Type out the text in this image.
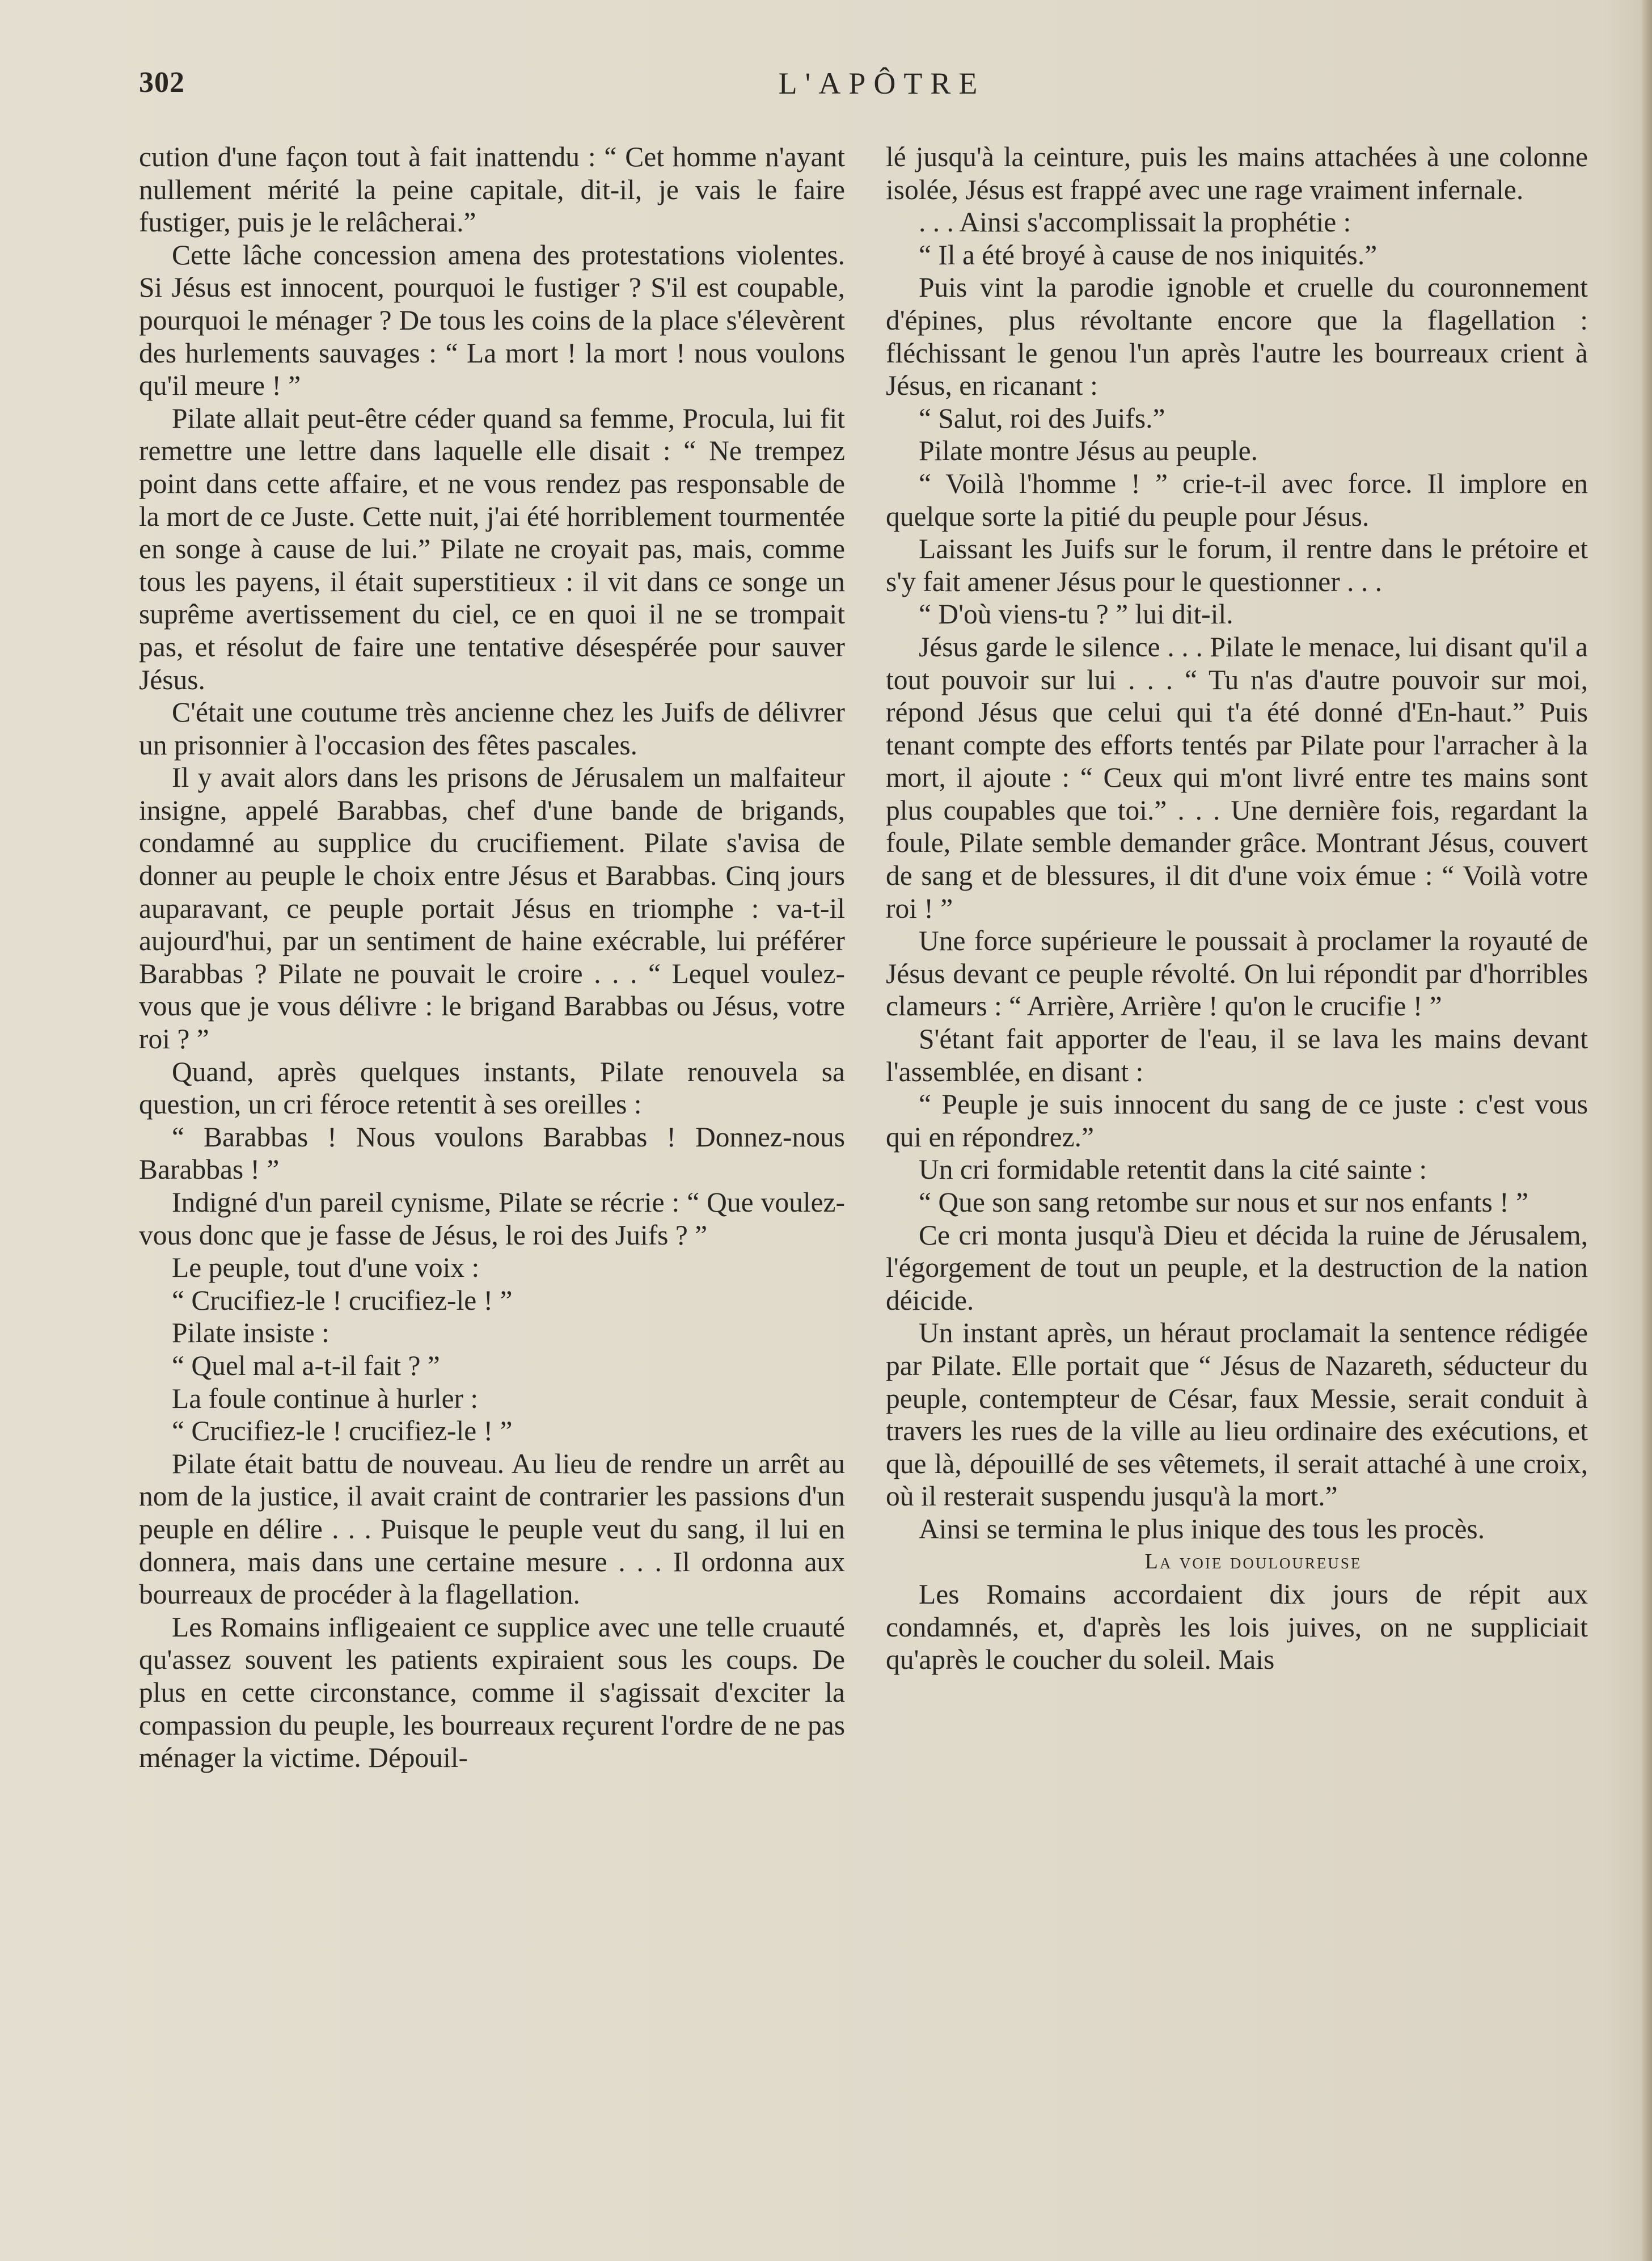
302	L'APÔTRE

cution d'une façon tout à fait inattendu : “ Cet homme n'ayant nullement mérité la peine capitale, dit-il, je vais le faire fustiger, puis je le relâcherai.”

Cette lâche concession amena des protestations violentes. Si Jésus est innocent, pourquoi le fustiger ? S'il est coupable, pourquoi le ménager ? De tous les coins de la place s'élevèrent des hurlements sauvages : “ La mort ! la mort ! nous voulons qu'il meure ! ”

Pilate allait peut-être céder quand sa femme, Procula, lui fit remettre une lettre dans laquelle elle disait : “ Ne trempez point dans cette affaire, et ne vous rendez pas responsable de la mort de ce Juste. Cette nuit, j'ai été horriblement tourmentée en songe à cause de lui.” Pilate ne croyait pas, mais, comme tous les payens, il était superstitieux : il vit dans ce songe un suprême avertissement du ciel, ce en quoi il ne se trompait pas, et résolut de faire une tentative désespérée pour sauver Jésus.

C'était une coutume très ancienne chez les Juifs de délivrer un prisonnier à l'occasion des fêtes pascales.

Il y avait alors dans les prisons de Jérusalem un malfaiteur insigne, appelé Barabbas, chef d'une bande de brigands, condamné au supplice du crucifiement. Pilate s'avisa de donner au peuple le choix entre Jésus et Barabbas. Cinq jours auparavant, ce peuple portait Jésus en triomphe : va-t-il aujourd'hui, par un sentiment de haine exécrable, lui préférer Barabbas ? Pilate ne pouvait le croire . . . “ Lequel voulez-vous que je vous délivre : le brigand Barabbas ou Jésus, votre roi ? ”

Quand, après quelques instants, Pilate renouvela sa question, un cri féroce retentit à ses oreilles :

“ Barabbas ! Nous voulons Barabbas ! Donnez-nous Barabbas ! ”

Indigné d'un pareil cynisme, Pilate se récrie : “ Que voulez-vous donc que je fasse de Jésus, le roi des Juifs ? ”

Le peuple, tout d'une voix :

“ Crucifiez-le ! crucifiez-le ! ”

Pilate insiste :

“ Quel mal a-t-il fait ? ”

La foule continue à hurler :

“ Crucifiez-le ! crucifiez-le ! ”

Pilate était battu de nouveau. Au lieu de rendre un arrêt au nom de la justice, il avait craint de contrarier les passions d'un peuple en délire . . . Puisque le peuple veut du sang, il lui en donnera, mais dans une certaine mesure . . . Il ordonna aux bourreaux de procéder à la flagellation.

Les Romains infligeaient ce supplice avec une telle cruauté qu'assez souvent les patients expiraient sous les coups. De plus en cette circonstance, comme il s'agissait d'exciter la compassion du peuple, les bourreaux reçurent l'ordre de ne pas ménager la victime. Dépouil-

lé jusqu'à la ceinture, puis les mains attachées à une colonne isolée, Jésus est frappé avec une rage vraiment infernale.

. . . Ainsi s'accomplissait la prophétie :

“ Il a été broyé à cause de nos iniquités.”

Puis vint la parodie ignoble et cruelle du couronnement d'épines, plus révoltante encore que la flagellation : fléchissant le genou l'un après l'autre les bourreaux crient à Jésus, en ricanant :

“ Salut, roi des Juifs.”

Pilate montre Jésus au peuple.

“ Voilà l'homme ! ” crie-t-il avec force. Il implore en quelque sorte la pitié du peuple pour Jésus.

Laissant les Juifs sur le forum, il rentre dans le prétoire et s'y fait amener Jésus pour le questionner . . .

“ D'où viens-tu ? ” lui dit-il.

Jésus garde le silence . . . Pilate le menace, lui disant qu'il a tout pouvoir sur lui . . . “ Tu n'as d'autre pouvoir sur moi, répond Jésus que celui qui t'a été donné d'En-haut.” Puis tenant compte des efforts tentés par Pilate pour l'arracher à la mort, il ajoute : “ Ceux qui m'ont livré entre tes mains sont plus coupables que toi.” . . . Une dernière fois, regardant la foule, Pilate semble demander grâce. Montrant Jésus, couvert de sang et de blessures, il dit d'une voix émue : “ Voilà votre roi ! ”

Une force supérieure le poussait à proclamer la royauté de Jésus devant ce peuple révolté. On lui répondit par d'horribles clameurs : “ Arrière, Arrière ! qu'on le crucifie ! ”

S'étant fait apporter de l'eau, il se lava les mains devant l'assemblée, en disant :

“ Peuple je suis innocent du sang de ce juste : c'est vous qui en répondrez.”

Un cri formidable retentit dans la cité sainte :

“ Que son sang retombe sur nous et sur nos enfants ! ”

Ce cri monta jusqu'à Dieu et décida la ruine de Jérusalem, l'égorgement de tout un peuple, et la destruction de la nation déicide.

Un instant après, un héraut proclamait la sentence rédigée par Pilate. Elle portait que “ Jésus de Nazareth, séducteur du peuple, contempteur de César, faux Messie, serait conduit à travers les rues de la ville au lieu ordinaire des exécutions, et que là, dépouillé de ses vêtemets, il serait attaché à une croix, où il resterait suspendu jusqu'à la mort.”

Ainsi se termina le plus inique des tous les procès.

La voie douloureuse

Les Romains accordaient dix jours de répit aux condamnés, et, d'après les lois juives, on ne suppliciait qu'après le coucher du soleil. Mais
